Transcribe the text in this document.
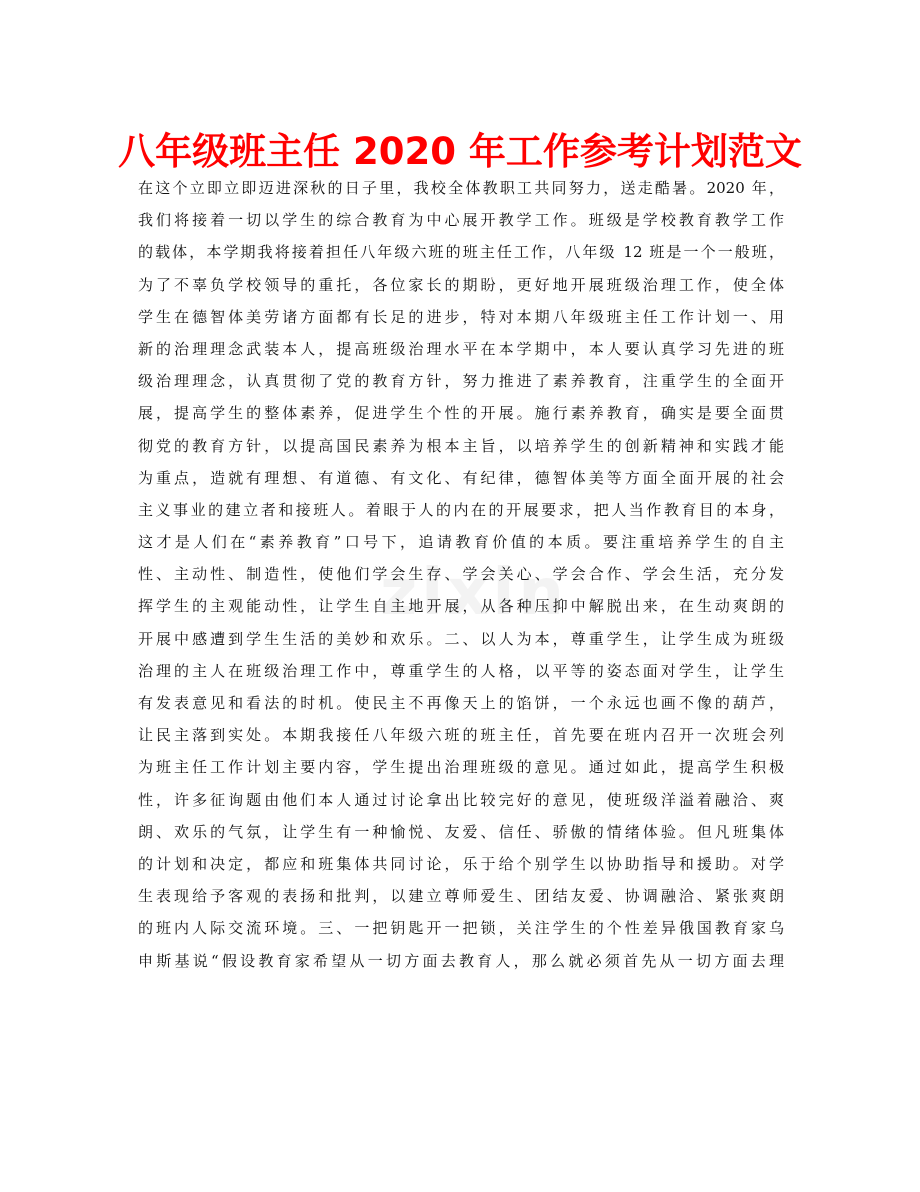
八年级班主任 2020 年工作参考计划范文
zixin
在这个立即立即迈进深秋的日子里，我校全体教职工共同努力，送走酷暑。2020 年，
我们将接着一切以学生的综合教育为中心展开教学工作。班级是学校教育教学工作
的载体，本学期我将接着担任八年级六班的班主任工作，八年级 12 班是一个一般班，
为了不辜负学校领导的重托，各位家长的期盼，更好地开展班级治理工作，使全体
学生在德智体美劳诸方面都有长足的进步，特对本期八年级班主任工作计划一、用
新的治理理念武装本人，提高班级治理水平在本学期中，本人要认真学习先进的班
级治理理念，认真贯彻了党的教育方针，努力推进了素养教育，注重学生的全面开
展，提高学生的整体素养，促进学生个性的开展。施行素养教育，确实是要全面贯
彻党的教育方针，以提高国民素养为根本主旨，以培养学生的创新精神和实践才能
为重点，造就有理想、有道德、有文化、有纪律，德智体美等方面全面开展的社会
主义事业的建立者和接班人。着眼于人的内在的开展要求，把人当作教育目的本身，
这才是人们在“素养教育”口号下，追请教育价值的本质。要注重培养学生的自主
性、主动性、制造性，使他们学会生存、学会关心、学会合作、学会生活，充分发
挥学生的主观能动性，让学生自主地开展，从各种压抑中解脱出来，在生动爽朗的
开展中感遭到学生生活的美妙和欢乐。二、以人为本，尊重学生，让学生成为班级
治理的主人在班级治理工作中，尊重学生的人格，以平等的姿态面对学生，让学生
有发表意见和看法的时机。使民主不再像天上的馅饼，一个永远也画不像的葫芦，
让民主落到实处。本期我接任八年级六班的班主任，首先要在班内召开一次班会列
为班主任工作计划主要内容，学生提出治理班级的意见。通过如此，提高学生积极
性，许多征询题由他们本人通过讨论拿出比较完好的意见，使班级洋溢着融洽、爽
朗、欢乐的气氛，让学生有一种愉悦、友爱、信任、骄傲的情绪体验。但凡班集体
的计划和决定，都应和班集体共同讨论，乐于给个别学生以协助指导和援助。对学
生表现给予客观的表扬和批判，以建立尊师爱生、团结友爱、协调融洽、紧张爽朗
的班内人际交流环境。三、一把钥匙开一把锁，关注学生的个性差异俄国教育家乌
申斯基说“假设教育家希望从一切方面去教育人，那么就必须首先从一切方面去理
